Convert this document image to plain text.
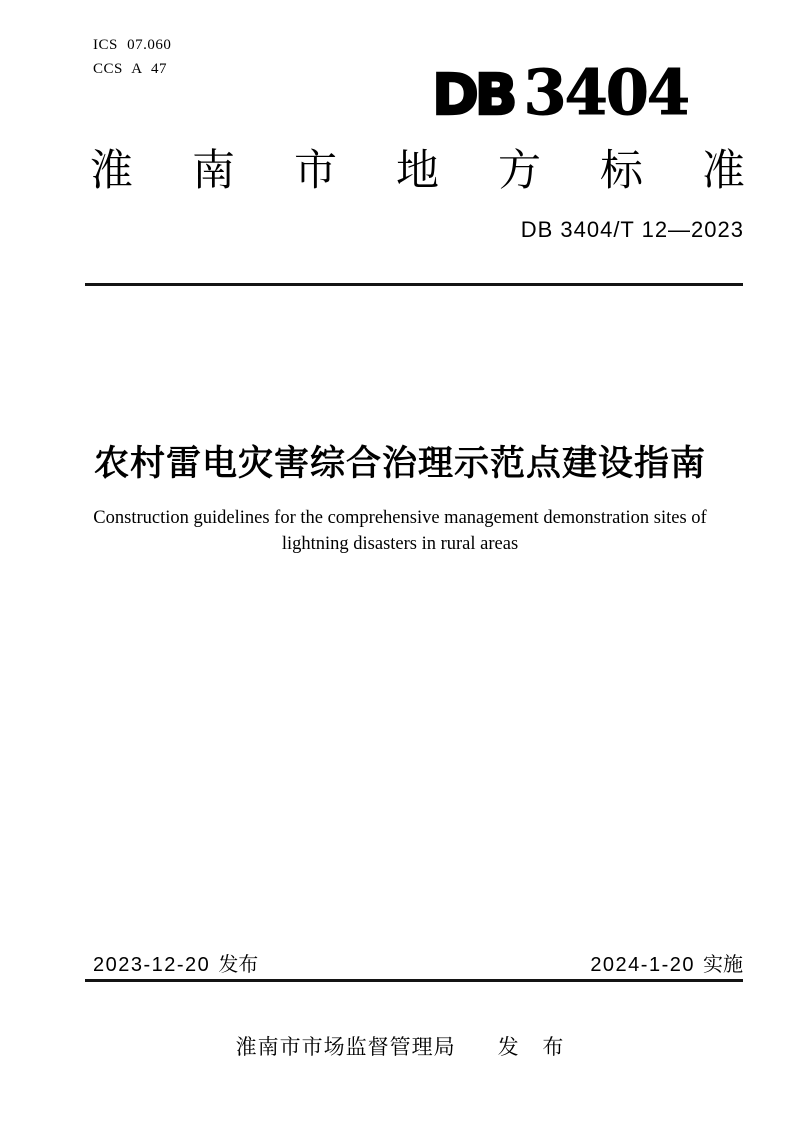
ICS 07.060
CCS A 47	DB 3404
淮 南 市 地 方 标 准
DB 3404/T 12—2023
农村雷电灾害综合治理示范点建设指南
Construction guidelines for the comprehensive management demonstration sites of
lightning disasters in rural areas
2023-12-20 发布	2024-1-20 实施
淮南市市场监督管理局 发 布
